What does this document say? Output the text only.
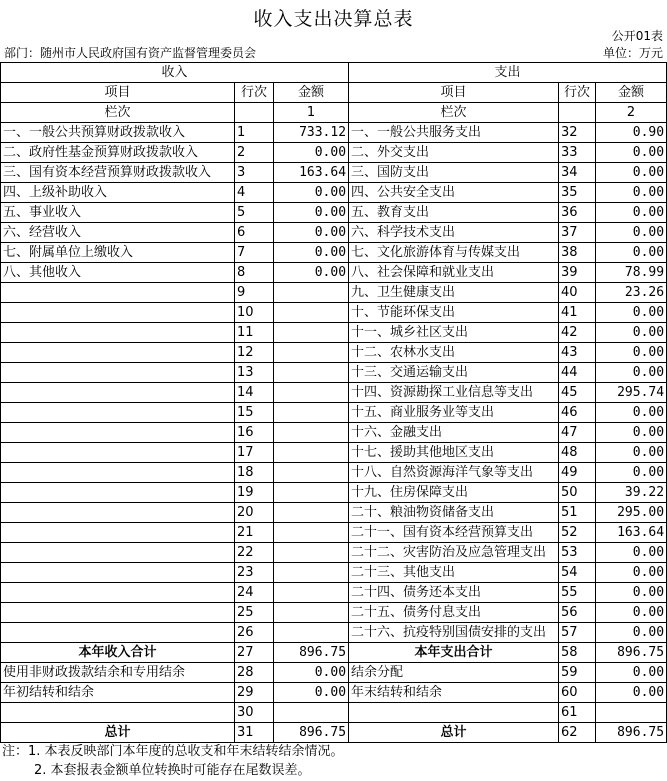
收入支出决算总表
公开01表
部门：随州市人民政府国有资产监督管理委员会	单位：万元
收入			支出		
项目	行次	金额	项目	行次	金额
栏次		1	栏次		2
一、一般公共预算财政拨款收入	1	733.12	一、一般公共服务支出	32	0.90
二、政府性基金预算财政拨款收入	2	0.00	二、外交支出	33	0.00
三、国有资本经营预算财政拨款收入	3	163.64	三、国防支出	34	0.00
四、上级补助收入	4	0.00	四、公共安全支出	35	0.00
五、事业收入	5	0.00	五、教育支出	36	0.00
六、经营收入	6	0.00	六、科学技术支出	37	0.00
七、附属单位上缴收入	7	0.00	七、文化旅游体育与传媒支出	38	0.00
八、其他收入	8	0.00	八、社会保障和就业支出	39	78.99
	9		九、卫生健康支出	40	23.26
	10		十、节能环保支出	41	0.00
	11		十一、城乡社区支出	42	0.00
	12		十二、农林水支出	43	0.00
	13		十三、交通运输支出	44	0.00
	14		十四、资源勘探工业信息等支出	45	295.74
	15		十五、商业服务业等支出	46	0.00
	16		十六、金融支出	47	0.00
	17		十七、援助其他地区支出	48	0.00
	18		十八、自然资源海洋气象等支出	49	0.00
	19		十九、住房保障支出	50	39.22
	20		二十、粮油物资储备支出	51	295.00
	21		二十一、国有资本经营预算支出	52	163.64
	22		二十二、灾害防治及应急管理支出	53	0.00
	23		二十三、其他支出	54	0.00
	24		二十四、债务还本支出	55	0.00
	25		二十五、债务付息支出	56	0.00
	26		二十六、抗疫特别国债安排的支出	57	0.00
本年收入合计	27	896.75	本年支出合计	58	896.75
使用非财政拨款结余和专用结余	28	0.00	结余分配	59	0.00
年初结转和结余	29	0.00	年末结转和结余	60	0.00
	30			61	
总计	31	896.75	总计	62	896.75
注：1. 本表反映部门本年度的总收支和年末结转结余情况。
2. 本套报表金额单位转换时可能存在尾数误差。
